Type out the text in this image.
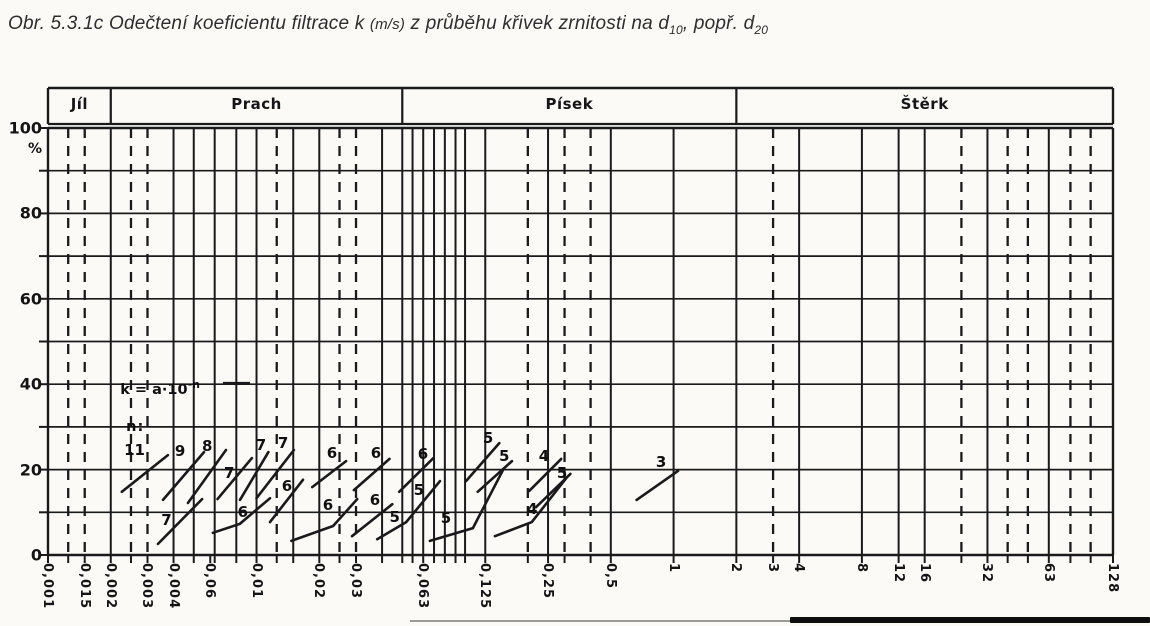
Obr. 5.3.1c Odečtení koeficientu filtrace k (m/s) z průběhu křivek zrnitosti na $d_{10}$, popř. $d_{20}$
Jíl	Prach	Písek	Štěrk
100
80
60
40
20
0
%
0,001 0,015 0,002 0,003 0,004 0,06 0,01	0,02 0,03	0,063	0,125	0,25	0,5	1	2 3 4	8 12 16	32	63	128
11 9 8
7
7 7
6 6 6
5
5 4
5
3
7	6
6
6 6
5
5
5	4
$k = a\cdot 10^{-n}$
n:
